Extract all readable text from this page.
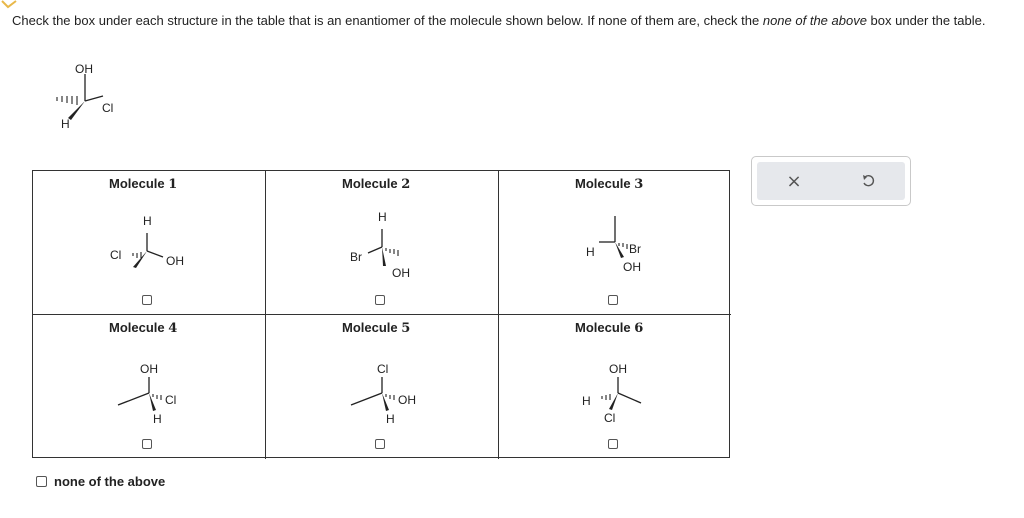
Check the box under each structure in the table that is an enantiomer of the molecule shown below. If none of them are, check the none of the above box under the table.
OH
Cl
H
Molecule 1
H
Cl	OH
Molecule 2
H
Br
OH
Molecule 3
H	Br
OH
Molecule 4
OH
Cl
H
Molecule 5
Cl
OH
H
Molecule 6
OH
H
Cl
none of the above
×
